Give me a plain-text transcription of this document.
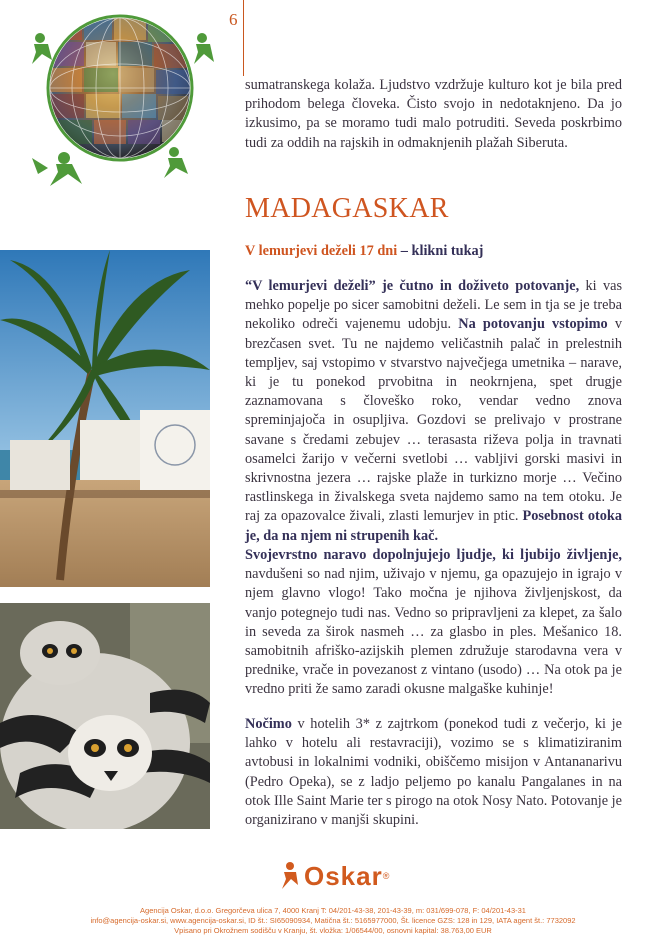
6

sumatranskega kolaža. Ljudstvo vzdržuje kulturo kot je bila pred prihodom belega človeka. Čisto svojo in nedotaknjeno. Da jo izkusimo, pa se moramo tudi malo potruditi. Seveda poskrbimo tudi za oddih na rajskih in odmaknjenih plažah Siberuta.

MADAGASKAR
V lemurjevi deželi 17 dni – klikni tukaj

“V lemurjevi deželi” je čutno in doživeto potovanje, ki vas mehko popelje po sicer samobitni deželi. Le sem in tja se je treba nekoliko odreči vajenemu udobju. Na potovanju vstopimo v brezčasen svet. Tu ne najdemo veličastnih palač in prelestnih templjev, saj vstopimo v stvarstvo največjega umetnika – narave, ki je tu ponekod prvobitna in neokrnjena, spet drugje zaznamovana s človeško roko, vendar vedno znova spreminjajoča in osupljiva. Gozdovi se prelivajo v prostrane savane s čredami zebujev … terasasta riževa polja in travnati osamelci žarijo v večerni svetlobi … vabljivi gorski masivi in skrivnostna jezera … rajske plaže in turkizno morje … Večino rastlinskega in živalskega sveta najdemo samo na tem otoku. Je raj za opazovalce živali, zlasti lemurjev in ptic. Posebnost otoka je, da na njem ni strupenih kač.

Svojevrstno naravo dopolnjujejo ljudje, ki ljubijo življenje, navdušeni so nad njim, uživajo v njemu, ga opazujejo in igrajo v njem glavno vlogo! Tako močna je njihova življenjskost, da vanjo potegnejo tudi nas. Vedno so pripravljeni za klepet, za šalo in seveda za širok nasmeh … za glasbo in ples. Mešanico 18. samobitnih afriško-azijskih plemen združuje starodavna vera v prednike, vrače in povezanost z vintano (usodo) … Na otok pa je vredno priti že samo zaradi okusne malgaške kuhinje!

Nočimo v hotelih 3* z zajtrkom (ponekod tudi z večerjo, ki je lahko v hotelu ali restavraciji), vozimo se s klimatiziranim avtobusi in lokalnimi vodniki, obiščemo misijon v Antananarivu (Pedro Opeka), se z ladjo peljemo po kanalu Pangalanes in na otok Ille Saint Marie ter s pirogo na otok Nosy Nato. Potovanje je organizirano v manjši skupini.

Oskar ®
Agencija Oskar, d.o.o. Gregorčeva ulica 7, 4000 Kranj T: 04/201-43-38, 201-43-39, m: 031/699-078, F: 04/201-43-31
info@agencija-oskar.si, www.agencija-oskar.si, ID št.: SI65090934, Matična št.: 5165977000, Št. licence GZS: 128 in 129, IATA agent št.: 7732092
Vpisano pri Okrožnem sodišču v Kranju, št. vložka: 1/06544/00, osnovni kapital: 38.763,00 EUR
